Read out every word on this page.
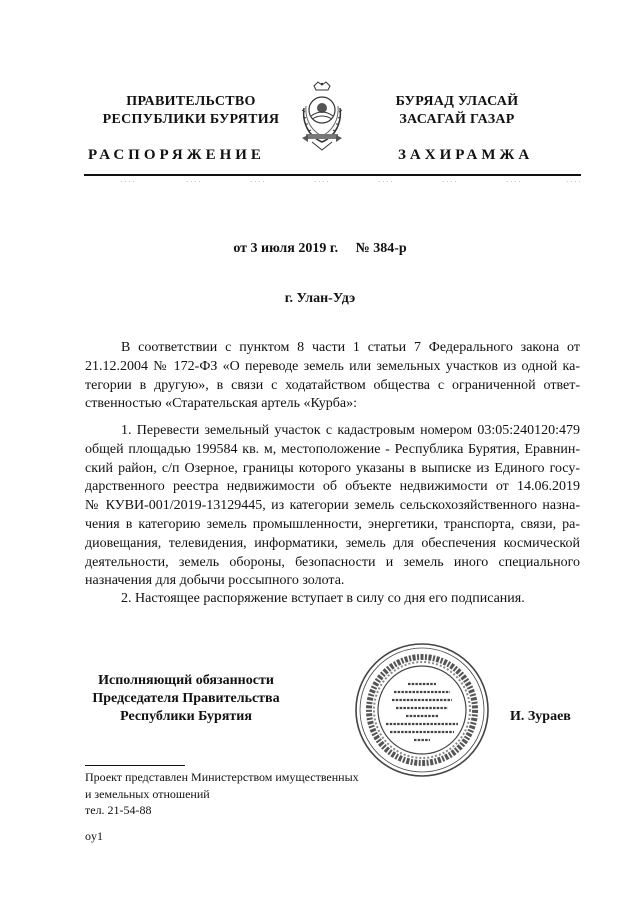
ПРАВИТЕЛЬСТВО
РЕСПУБЛИКИ БУРЯТИЯ
БУРЯАД УЛАСАЙ
ЗАСАГАЙ ГАЗАР
РАСПОРЯЖЕНИЕ	ЗАХИРАМЖА
· · · ·	· · · ·	· · · ·	· · · ·	· · · ·	· · · ·	· · · ·	· · · ·
от 3 июля 2019 г. № 384-р
г. Улан-Удэ
В соответствии с пунктом 8 части 1 статьи 7 Федерального закона от
21.12.2004 № 172-ФЗ «О переводе земель или земельных участков из одной ка-
тегории в другую», в связи с ходатайством общества с ограниченной ответ-
ственностью «Старательская артель «Курба»:
1. Перевести земельный участок с кадастровым номером 03:05:240120:479
общей площадью 199584 кв. м, местоположение - Республика Бурятия, Еравнин-
ский район, с/п Озерное, границы которого указаны в выписке из Единого госу-
дарственного реестра недвижимости об объекте недвижимости от 14.06.2019
№ КУВИ-001/2019-13129445, из категории земель сельскохозяйственного назна-
чения в категорию земель промышленности, энергетики, транспорта, связи, ра-
диовещания, телевидения, информатики, земель для обеспечения космической
деятельности, земель обороны, безопасности и земель иного специального
назначения для добычи россыпного золота.
2. Настоящее распоряжение вступает в силу со дня его подписания.
Исполняющий обязанности
Председателя Правительства
Республики Бурятия	И. Зураев
Проект представлен Министерством имущественных
и земельных отношений
тел. 21-54-88
oy1
